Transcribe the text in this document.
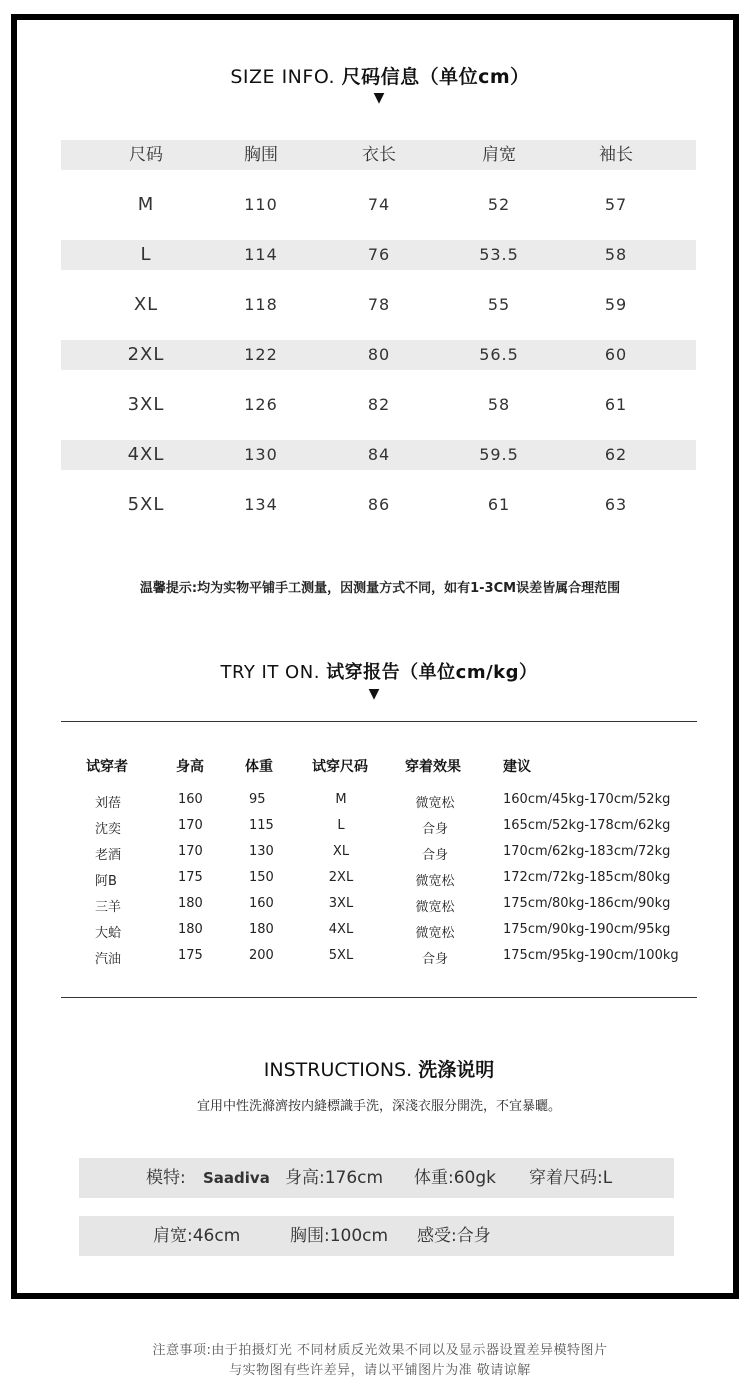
SIZE INFO. 尺码信息（单位cm）
▼
尺码	胸围	衣长	肩宽	袖长
M	110	74	52	57
L	114	76	53.5	58
XL	118	78	55	59
2XL	122	80	56.5	60
3XL	126	82	58	61
4XL	130	84	59.5	62
5XL	134	86	61	63
温馨提示:均为实物平铺手工测量，因测量方式不同，如有1-3CM误差皆属合理范围
TRY IT ON. 试穿报告（单位cm/kg）
▼
试穿者	身高	体重	试穿尺码	穿着效果	建议
刘蓓	160	95	M	微宽松	160cm/45kg-170cm/52kg
沈奕	170	115	L	合身	165cm/52kg-178cm/62kg
老酒	170	130	XL	合身	170cm/62kg-183cm/72kg
阿B	175	150	2XL	微宽松	172cm/72kg-185cm/80kg
三羊	180	160	3XL	微宽松	175cm/80kg-186cm/90kg
大蛤	180	180	4XL	微宽松	175cm/90kg-190cm/95kg
汽油	175	200	5XL	合身	175cm/95kg-190cm/100kg
INSTRUCTIONS. 洗涤说明
宜用中性洗滌濟按内縫標識手洗，深淺衣服分開洗，不宜暴曬。
模特: Saadiva 身高:176cm 体重:60gk 穿着尺码:L
肩宽:46cm	胸围:100cm 感受:合身
注意事项:由于拍摄灯光 不同材质反光效果不同以及显示器设置差异模特图片
与实物图有些许差异，请以平铺图片为准 敬请谅解
